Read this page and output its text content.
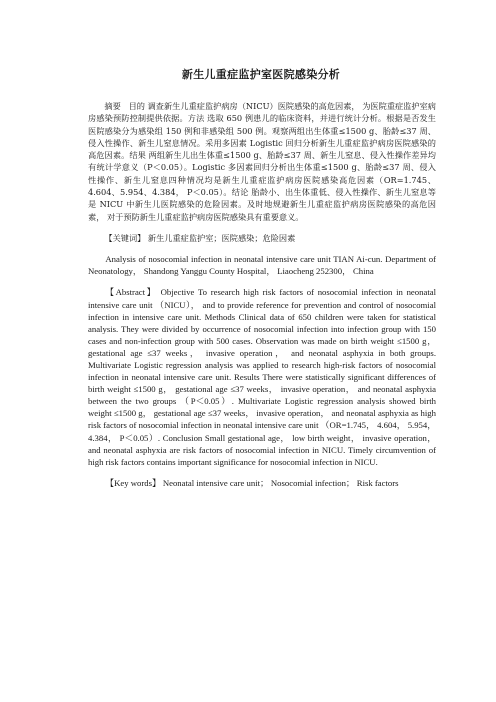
新生儿重症监护室医院感染分析

摘要 目的 调查新生儿重症监护病房（NICU）医院感染的高危因素， 为医院重症监护室病房感染预防控制提供依据。方法 选取 650 例患儿的临床资料，并进行统计分析。根据是否发生医院感染分为感染组 150 例和非感染组 500 例。观察两组出生体重≤1500 g、胎龄≤37 周、侵入性操作、新生儿窒息情况。采用多因素 Logistic 回归分析新生儿重症监护病房医院感染的高危因素。结果 两组新生儿出生体重≤1500 g、胎龄≤37 周、新生儿窒息、侵入性操作差异均有统计学意义（P＜0.05）。Logistic 多因素回归分析出生体重≤1500 g、胎龄≤37 周、侵入性操作、新生儿窒息四种情况均是新生儿重症监护病房医院感染高危因素（OR=1.745、4.604、5.954、4.384， P＜0.05）。结论 胎龄小、出生体重低、侵入性操作、新生儿窒息等是 NICU 中新生儿医院感染的危险因素。及时地规避新生儿重症监护病房医院感染的高危因素， 对于预防新生儿重症监护病房医院感染具有重要意义。

【关键词】 新生儿重症监护室；医院感染；危险因素

Analysis of nosocomial infection in neonatal intensive care unit TIAN Ai-cun. Department of Neonatology， Shandong Yanggu County Hospital， Liaocheng 252300， China

【Abstract】 Objective To research high risk factors of nosocomial infection in neonatal intensive care unit （NICU）， and to provide reference for prevention and control of nosocomial infection in intensive care unit. Methods Clinical data of 650 children were taken for statistical analysis. They were divided by occurrence of nosocomial infection into infection group with 150 cases and non-infection group with 500 cases. Observation was made on birth weight ≤1500 g， gestational age ≤37 weeks， invasive operation， and neonatal asphyxia in both groups. Multivariate Logistic regression analysis was applied to research high-risk factors of nosocomial infection in neonatal intensive care unit. Results There were statistically significant differences of birth weight ≤1500 g， gestational age ≤37 weeks， invasive operation， and neonatal asphyxia between the two groups （P＜0.05）. Multivariate Logistic regression analysis showed birth weight ≤1500 g， gestational age ≤37 weeks， invasive operation， and neonatal asphyxia as high risk factors of nosocomial infection in neonatal intensive care unit （OR=1.745， 4.604， 5.954， 4.384， P＜0.05）. Conclusion Small gestational age， low birth weight， invasive operation， and neonatal asphyxia are risk factors of nosocomial infection in NICU. Timely circumvention of high risk factors contains important significance for nosocomial infection in NICU.

【Key words】 Neonatal intensive care unit； Nosocomial infection； Risk factors
